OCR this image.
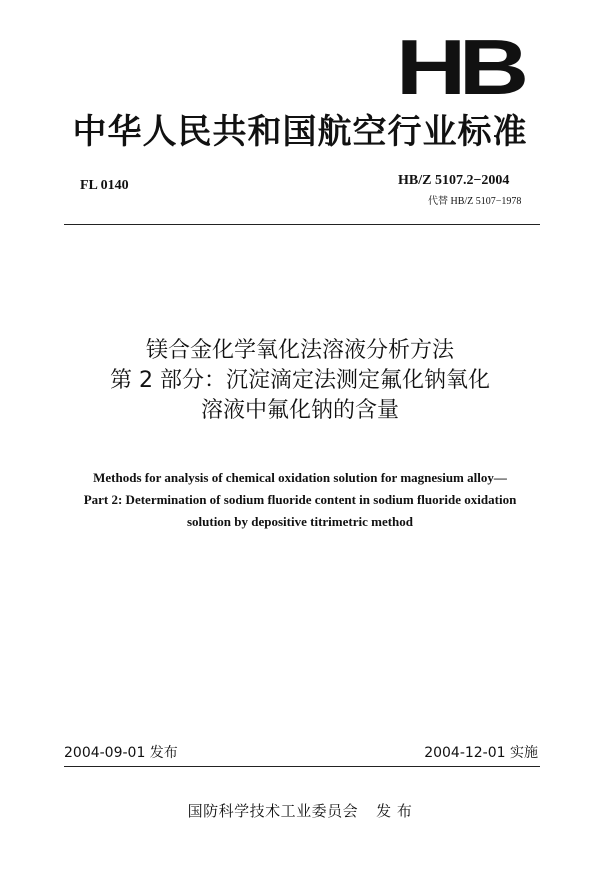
HB
中华人民共和国航空行业标准
FL 0140	HB/Z 5107.2−2004
代替 HB/Z 5107−1978
镁合金化学氧化法溶液分析方法
第 2 部分：沉淀滴定法测定氟化钠氧化
溶液中氟化钠的含量
Methods for analysis of chemical oxidation solution for magnesium alloy—
Part 2: Determination of sodium fluoride content in sodium fluoride oxidation
solution by depositive titrimetric method
2004-09-01 发布	2004-12-01 实施
国防科学技术工业委员会 发 布
